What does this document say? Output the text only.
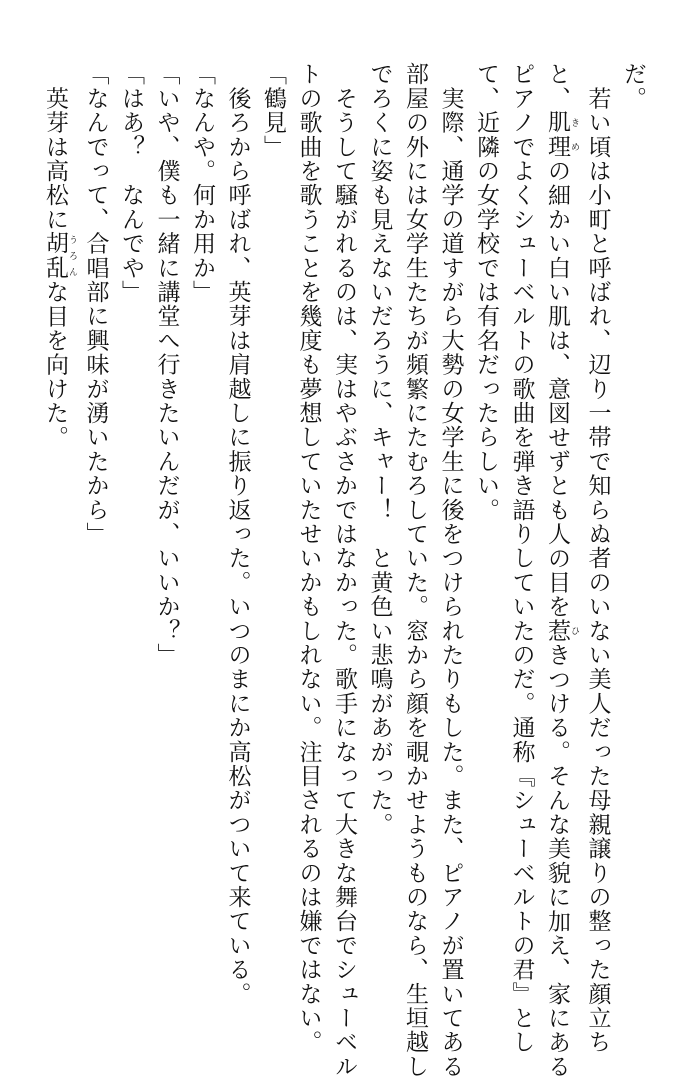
だ。
　若い頃は小町と呼ばれ、辺り一帯で知らぬ者のいない美人だった母親譲りの整った顔立ち
と、肌理 きめの細かい白い肌は、意図せずとも人の目を惹 ひきつける。そんな美貌に加え、家にある
ピアノでよくシューベルトの歌曲を弾き語りしていたのだ。通称『シューベルトの君』とし
て、近隣の女学校では有名だったらしい。
　実際、通学の道すがら大勢の女学生に後をつけられたりもした。また、ピアノが置いてある
部屋の外には女学生たちが頻繁にたむろしていた。窓から顔を覗かせようものなら、生垣越し
でろくに姿も見えないだろうに、キャー！　と黄色い悲鳴があがった。
　そうして騒がれるのは、実はやぶさかではなかった。歌手になって大きな舞台でシューベル
トの歌曲を歌うことを幾度も夢想していたせいかもしれない。注目されるのは嫌ではない。
「鶴見」
　後ろから呼ばれ、英芽は肩越しに振り返った。いつのまにか高松がついて来ている。
「なんや。何か用か」
「いや、僕も一緒に講堂へ行きたいんだが、いいか？」
「はあ？　なんでや」
「なんでって、合唱部に興味が湧いたから」
　英芽は高松に胡乱 うろんな目を向けた。
